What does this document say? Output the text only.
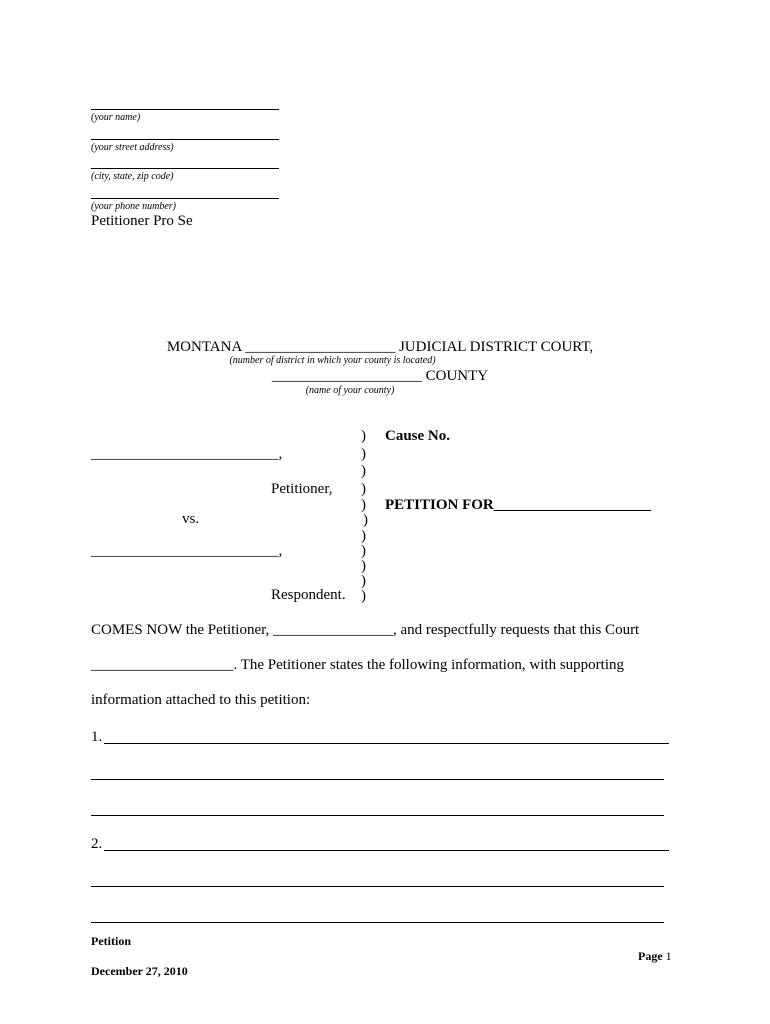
(your name)
(your street address)
(city, state, zip code)
(your phone number)
Petitioner Pro Se
MONTANA ____________________ JUDICIAL DISTRICT COURT,
(number of district in which your county is located)
____________________ COUNTY
(name of your county)
_________________________,
Petitioner,
vs.
_________________________,
Respondent.
)
)
)
)
)
)
)
)
)
)
)
Cause No.
PETITION FOR_____________________
COMES NOW the Petitioner, ________________, and respectfully requests that this Court
___________________. The Petitioner states the following information, with supporting
information attached to this petition:
1.
2.
Petition
Page 1
December 27, 2010
